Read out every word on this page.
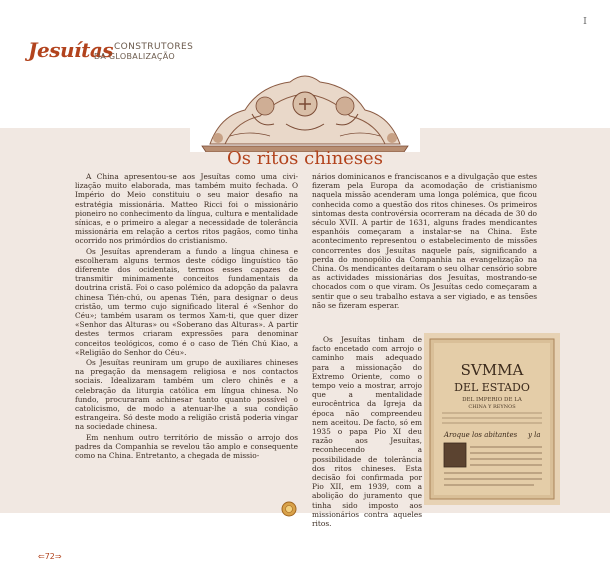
Jesuítas CONSTRUTORES
DA GLOBALIZAÇÃO
Os ritos chineses

A China apresentou-se aos Jesuítas como uma civi-lização muito elaborada, mas também muito fechada. O Império do Meio constituiu o seu maior desafio na estratégia missionária. Matteo Ricci foi o missionário pioneiro no conhecimento da língua, cultura e mentalidade sínicas, e o primeiro a alegar a necessidade de tolerância missionária em relação a certos ritos pagãos, como tinha ocorrido nos primórdios do cristianismo.

Os Jesuítas aprenderam a fundo a língua chinesa e escolheram alguns termos deste código linguístico tão diferente dos ocidentais, termos esses capazes de transmitir minimamente conceitos fundamentais da doutrina cristã. Foi o caso polémico da adopção da palavra chinesa Tién-chú, ou apenas Tién, para designar o deus cristão, um termo cujo significado literal é «Senhor do Céu»; também usaram os termos Xam-ti, que quer dizer «Senhor das Alturas» ou «Soberano das Alturas». A partir destes termos criaram expressões para denominar conceitos teológicos, como é o caso de Tién Chú Kiao, a «Religião do Senhor do Céu».

Os Jesuítas reuniram um grupo de auxiliares chineses na pregação da mensagem religiosa e nos contactos sociais. Idealizaram também um clero chinês e a celebração da liturgia católica em língua chinesa. No fundo, procuraram achinesar tanto quanto possível o catolicismo, de modo a atenuar-lhe a sua condição estrangeira. Só deste modo a religião cristã poderia vingar na sociedade chinesa.

Em nenhum outro território de missão o arrojo dos padres da Companhia se revelou tão amplo e consequente como na China. Entretanto, a chegada de missio-

nários dominicanos e franciscanos e a divulgação que estes fizeram pela Europa da acomodação de cristianismo naquela missão acenderam uma longa polémica, que ficou conhecida como a questão dos ritos chineses. Os primeiros sintomas desta controvérsia ocorreram na década de 30 do século XVII. A partir de 1631, alguns frades mendicantes espanhóis começaram a instalar-se na China. Este acontecimento representou o estabelecimento de missões concorrentes dos Jesuítas naquele país, significando a perda do monopólio da Companhia na evangelização na China. Os mendicantes deitaram o seu olhar censório sobre as actividades missionárias dos Jesuítas, mostrando-se chocados com o que viram. Os Jesuítas cedo começaram a sentir que o seu trabalho estava a ser vigiado, e as tensões não se fizeram esperar.

Os Jesuítas tinham de facto encetado com arrojo o caminho mais adequado para a missionação do Extremo Oriente, como o tempo veio a mostrar, arrojo que a mentalidade eurocêntrica da Igreja da época não compreendeu nem aceitou. De facto, só em 1935 o papa Pio XI deu razão aos Jesuítas, reconhecendo a possibilidade de tolerância dos ritos chineses. Esta decisão foi confirmada por Pio XII, em 1939, com a abolição do juramento que tinha sido imposto aos missionários contra aqueles ritos.

SVMMA
DEL ESTADO
DEL IMPERIO DE LA
CHINA Y REYNOS
Aroque los abitantes y la
⇐72⇒
